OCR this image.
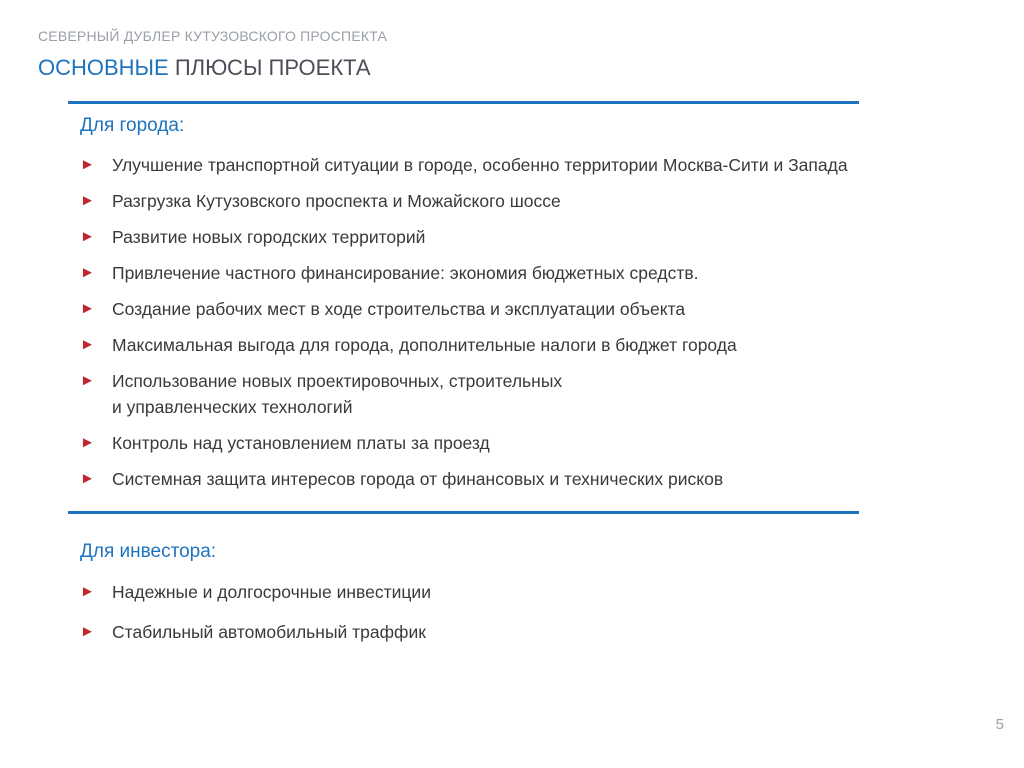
СЕВЕРНЫЙ ДУБЛЕР КУТУЗОВСКОГО ПРОСПЕКТА
ОСНОВНЫЕ ПЛЮСЫ ПРОЕКТА
Для города:
► Улучшение транспортной ситуации в городе, особенно территории Москва-Сити и Запада
► Разгрузка Кутузовского проспекта и Можайского шоссе
► Развитие новых городских территорий
► Привлечение частного финансирование: экономия бюджетных средств.
► Создание рабочих мест в ходе строительства и эксплуатации объекта
► Максимальная выгода для города, дополнительные налоги в бюджет города
► Использование новых проектировочных, строительных
и управленческих технологий
► Контроль над установлением платы за проезд
► Системная защита интересов города от финансовых и технических рисков
Для инвестора:
► Надежные и долгосрочные инвестиции
► Стабильный автомобильный траффик
5
